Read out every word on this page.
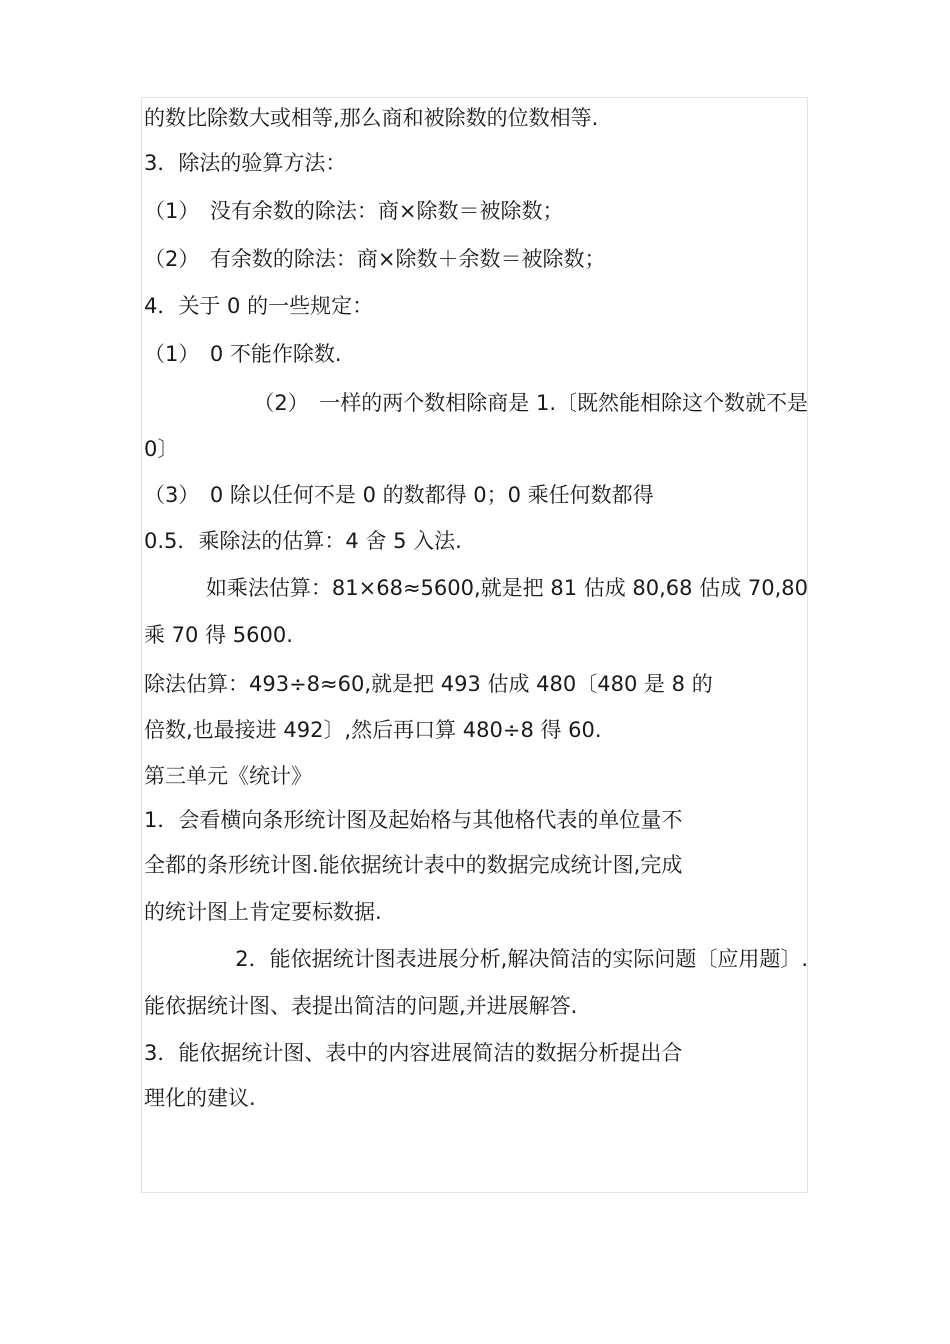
的数比除数大或相等,那么商和被除数的位数相等.

3．除法的验算方法：

（1）　没有余数的除法：商×除数＝被除数；

（2）　有余数的除法：商×除数＋余数＝被除数；

4．关于 0 的一些规定：

（1）　0 不能作除数.

（2）　一样的两个数相除商是 1.〔既然能相除这个数就不是

0〕

（3）　0 除以任何不是 0 的数都得 0；0 乘任何数都得

0.5．乘除法的估算：4 舍 5 入法.

如乘法估算：81×68≈5600,就是把 81 估成 80,68 估成 70,80

乘 70 得 5600.

除法估算：493÷8≈60,就是把 493 估成 480〔480 是 8 的

倍数,也最接进 492〕,然后再口算 480÷8 得 60.

第三单元《统计》

1．会看横向条形统计图及起始格与其他格代表的单位量不

全都的条形统计图.能依据统计表中的数据完成统计图,完成

的统计图上肯定要标数据.

2．能依据统计图表进展分析,解决简洁的实际问题〔应用题〕.

能依据统计图、表提出简洁的问题,并进展解答.

3．能依据统计图、表中的内容进展简洁的数据分析提出合

理化的建议.
